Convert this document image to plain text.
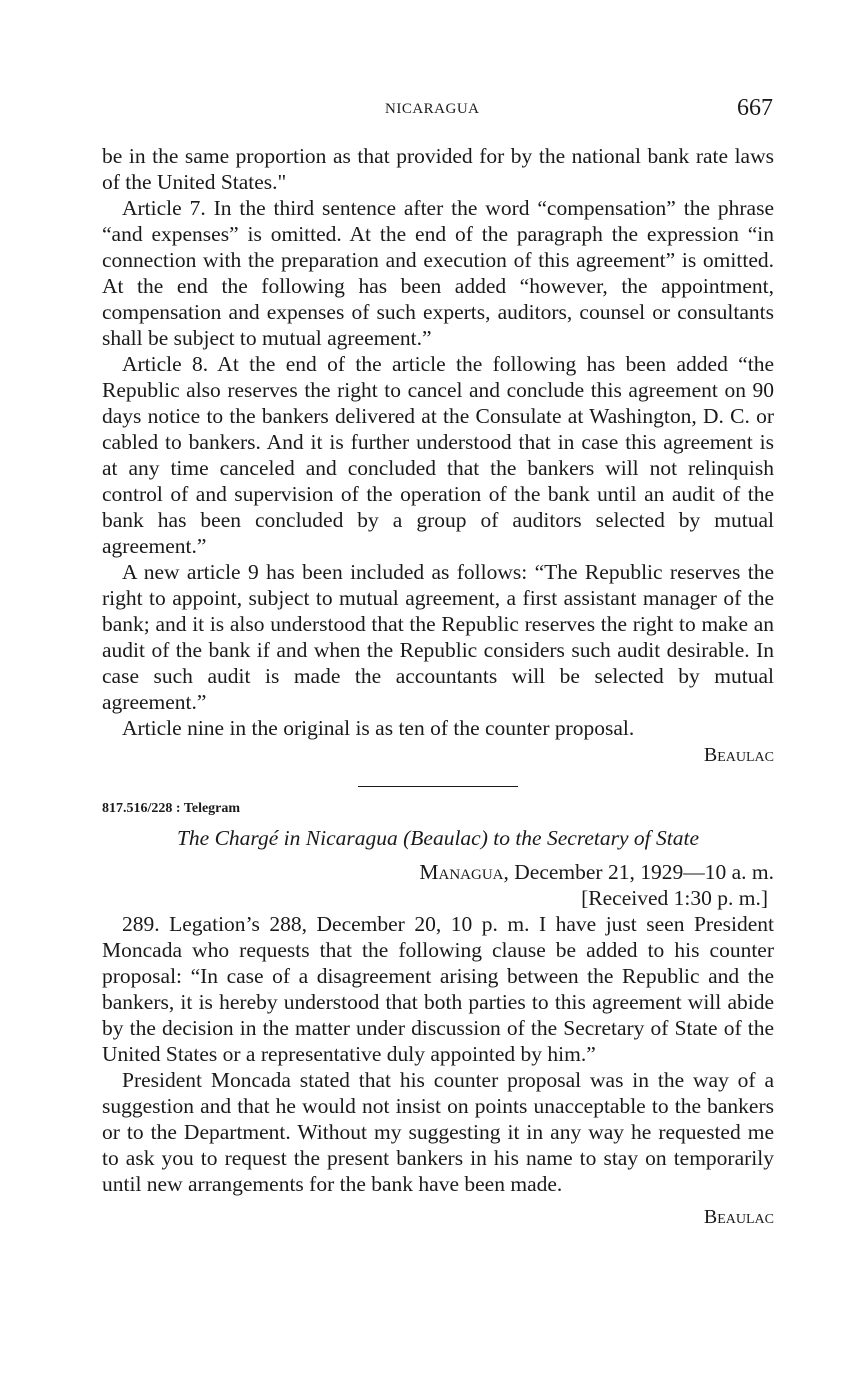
NICARAGUA	667

be in the same proportion as that provided for by the national bank rate laws of the United States."

Article 7. In the third sentence after the word “compensation” the phrase “and expenses” is omitted. At the end of the paragraph the expression “in connection with the preparation and execution of this agreement” is omitted. At the end the following has been added “however, the appointment, compensation and expenses of such experts, auditors, counsel or consultants shall be subject to mutual agreement.”

Article 8. At the end of the article the following has been added “the Republic also reserves the right to cancel and conclude this agreement on 90 days notice to the bankers delivered at the Consulate at Washington, D. C. or cabled to bankers. And it is further understood that in case this agreement is at any time canceled and concluded that the bankers will not relinquish control of and supervision of the operation of the bank until an audit of the bank has been concluded by a group of auditors selected by mutual agreement.”

A new article 9 has been included as follows: “The Republic reserves the right to appoint, subject to mutual agreement, a first assistant manager of the bank; and it is also understood that the Republic reserves the right to make an audit of the bank if and when the Republic considers such audit desirable. In case such audit is made the accountants will be selected by mutual agreement.”

Article nine in the original is as ten of the counter proposal.

Beaulac
817.516/228 : Telegram
The Chargé in Nicaragua (Beaulac) to the Secretary of State
Managua, December 21, 1929—10 a. m.
[Received 1:30 p. m.]

289. Legation’s 288, December 20, 10 p. m. I have just seen President Moncada who requests that the following clause be added to his counter proposal: “In case of a disagreement arising between the Republic and the bankers, it is hereby understood that both parties to this agreement will abide by the decision in the matter under discussion of the Secretary of State of the United States or a representative duly appointed by him.”

President Moncada stated that his counter proposal was in the way of a suggestion and that he would not insist on points unacceptable to the bankers or to the Department. Without my suggesting it in any way he requested me to ask you to request the present bankers in his name to stay on temporarily until new arrangements for the bank have been made.

Beaulac
